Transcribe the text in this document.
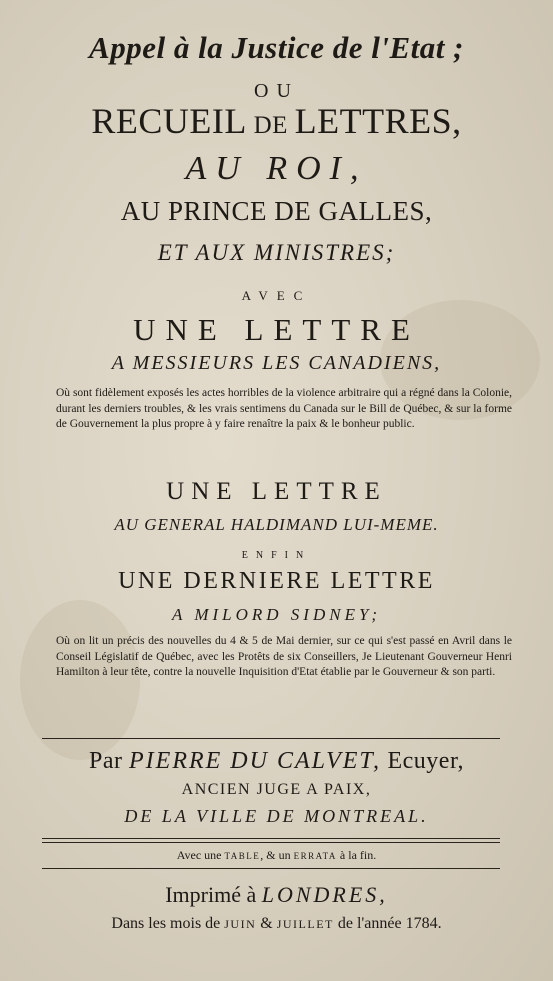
Appel à la Justice de l'Etat ;
OU
RECUEIL DE LETTRES,
AU ROI,
AU PRINCE DE GALLES,
ET AUX MINISTRES;
AVEC
UNE LETTRE
A MESSIEURS LES CANADIENS,
Où sont fidèlement exposés les actes horribles de la violence arbitraire qui a régné dans la Colonie, durant les derniers troubles, & les vrais sentimens du Canada sur le Bill de Québec, & sur la forme de Gouvernement la plus propre à y faire renaître la paix & le bonheur public.
UNE LETTRE
AU GENERAL HALDIMAND LUI-MEME.
ENFIN
UNE DERNIERE LETTRE
A MILORD SIDNEY;
Où on lit un précis des nouvelles du 4 & 5 de Mai dernier, sur ce qui s'est passé en Avril dans le Conseil Législatif de Québec, avec les Protêts de six Conseillers, Je Lieutenant Gouverneur Henri Hamilton à leur tête, contre la nouvelle Inquisition d'Etat établie par le Gouverneur & son parti.
Par PIERRE DU CALVET, Ecuyer,
ANCIEN JUGE A PAIX,
DE LA VILLE DE MONTREAL.
Avec une TABLE, & un ERRATA à la fin.
Imprimé à LONDRES,
Dans les mois de JUIN & JUILLET de l'année 1784.
